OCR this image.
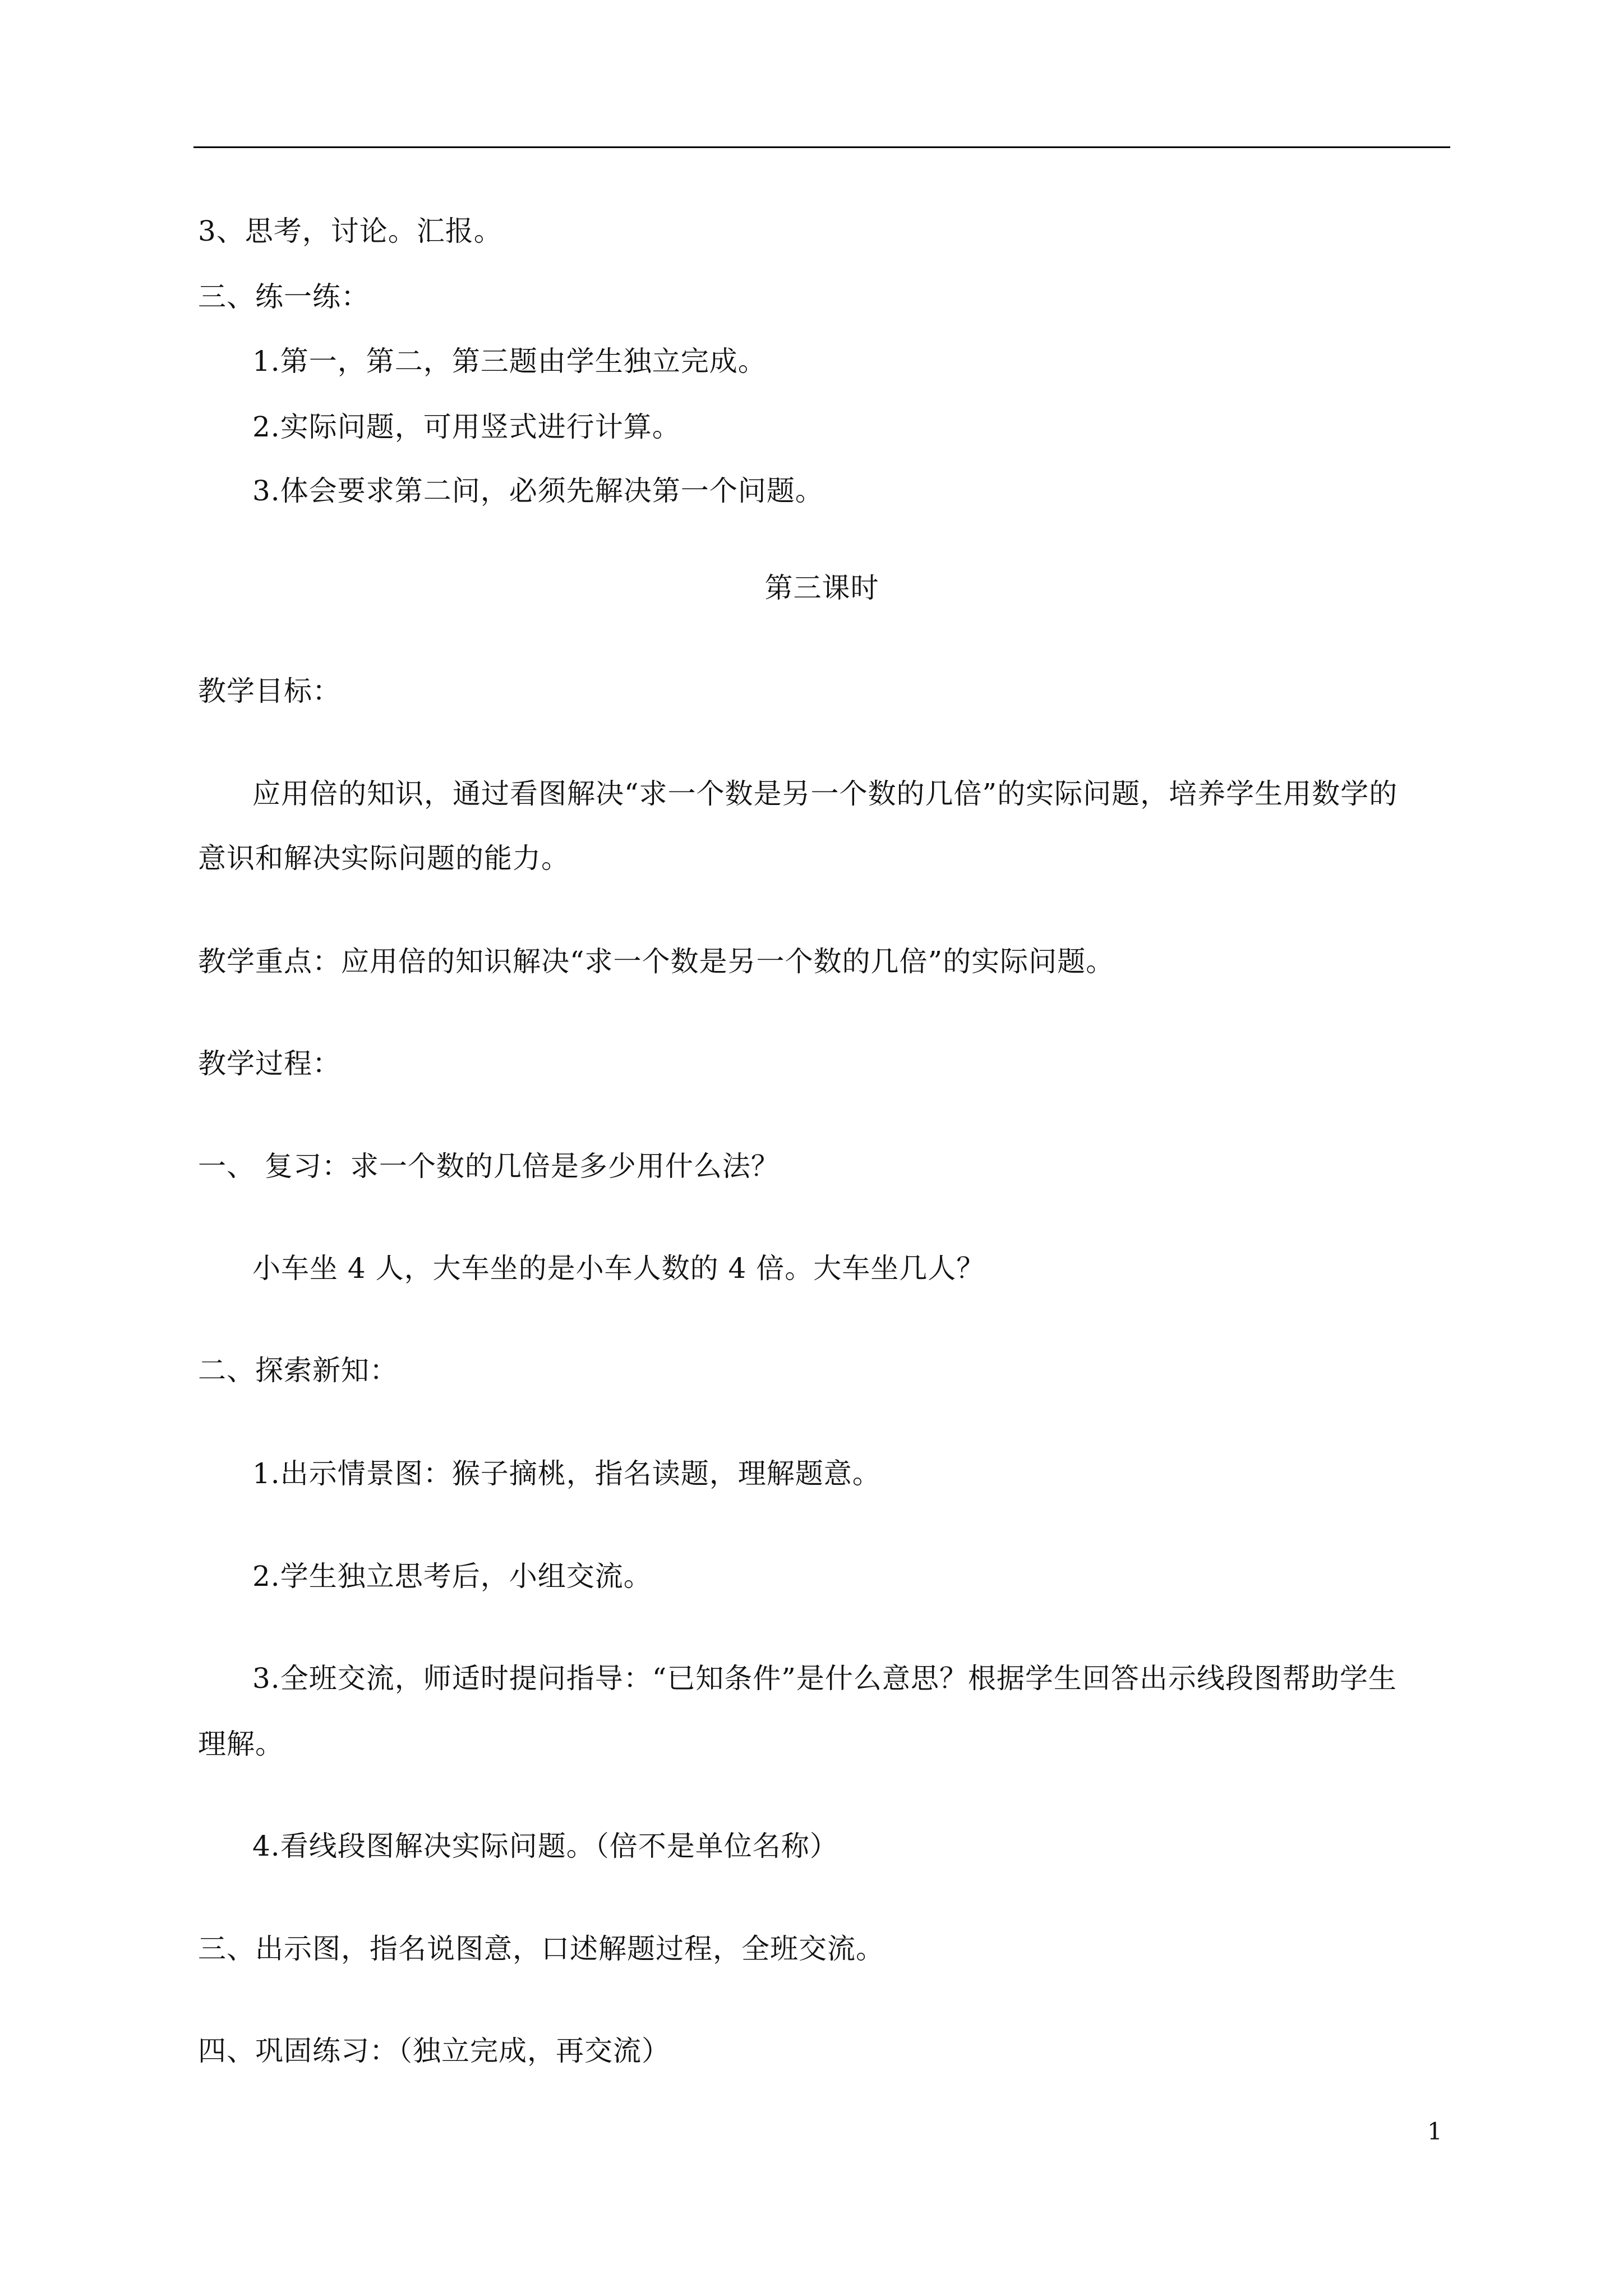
3、思考，讨论。汇报。
三、练一练：
1.第一，第二，第三题由学生独立完成。
2.实际问题，可用竖式进行计算。
3.体会要求第二问，必须先解决第一个问题。
第三课时
教学目标：
应用倍的知识，通过看图解决“求一个数是另一个数的几倍”的实际问题，培养学生用数学的
意识和解决实际问题的能力。
教学重点：应用倍的知识解决“求一个数是另一个数的几倍”的实际问题。
教学过程：
一、 复习：求一个数的几倍是多少用什么法？
小车坐 4 人，大车坐的是小车人数的 4 倍。大车坐几人？
二、探索新知：
1.出示情景图：猴子摘桃，指名读题，理解题意。
2.学生独立思考后，小组交流。
3.全班交流，师适时提问指导：“已知条件”是什么意思？根据学生回答出示线段图帮助学生
理解。
4.看线段图解决实际问题。（倍不是单位名称）
三、出示图，指名说图意，口述解题过程，全班交流。
四、巩固练习：（独立完成，再交流）
1
